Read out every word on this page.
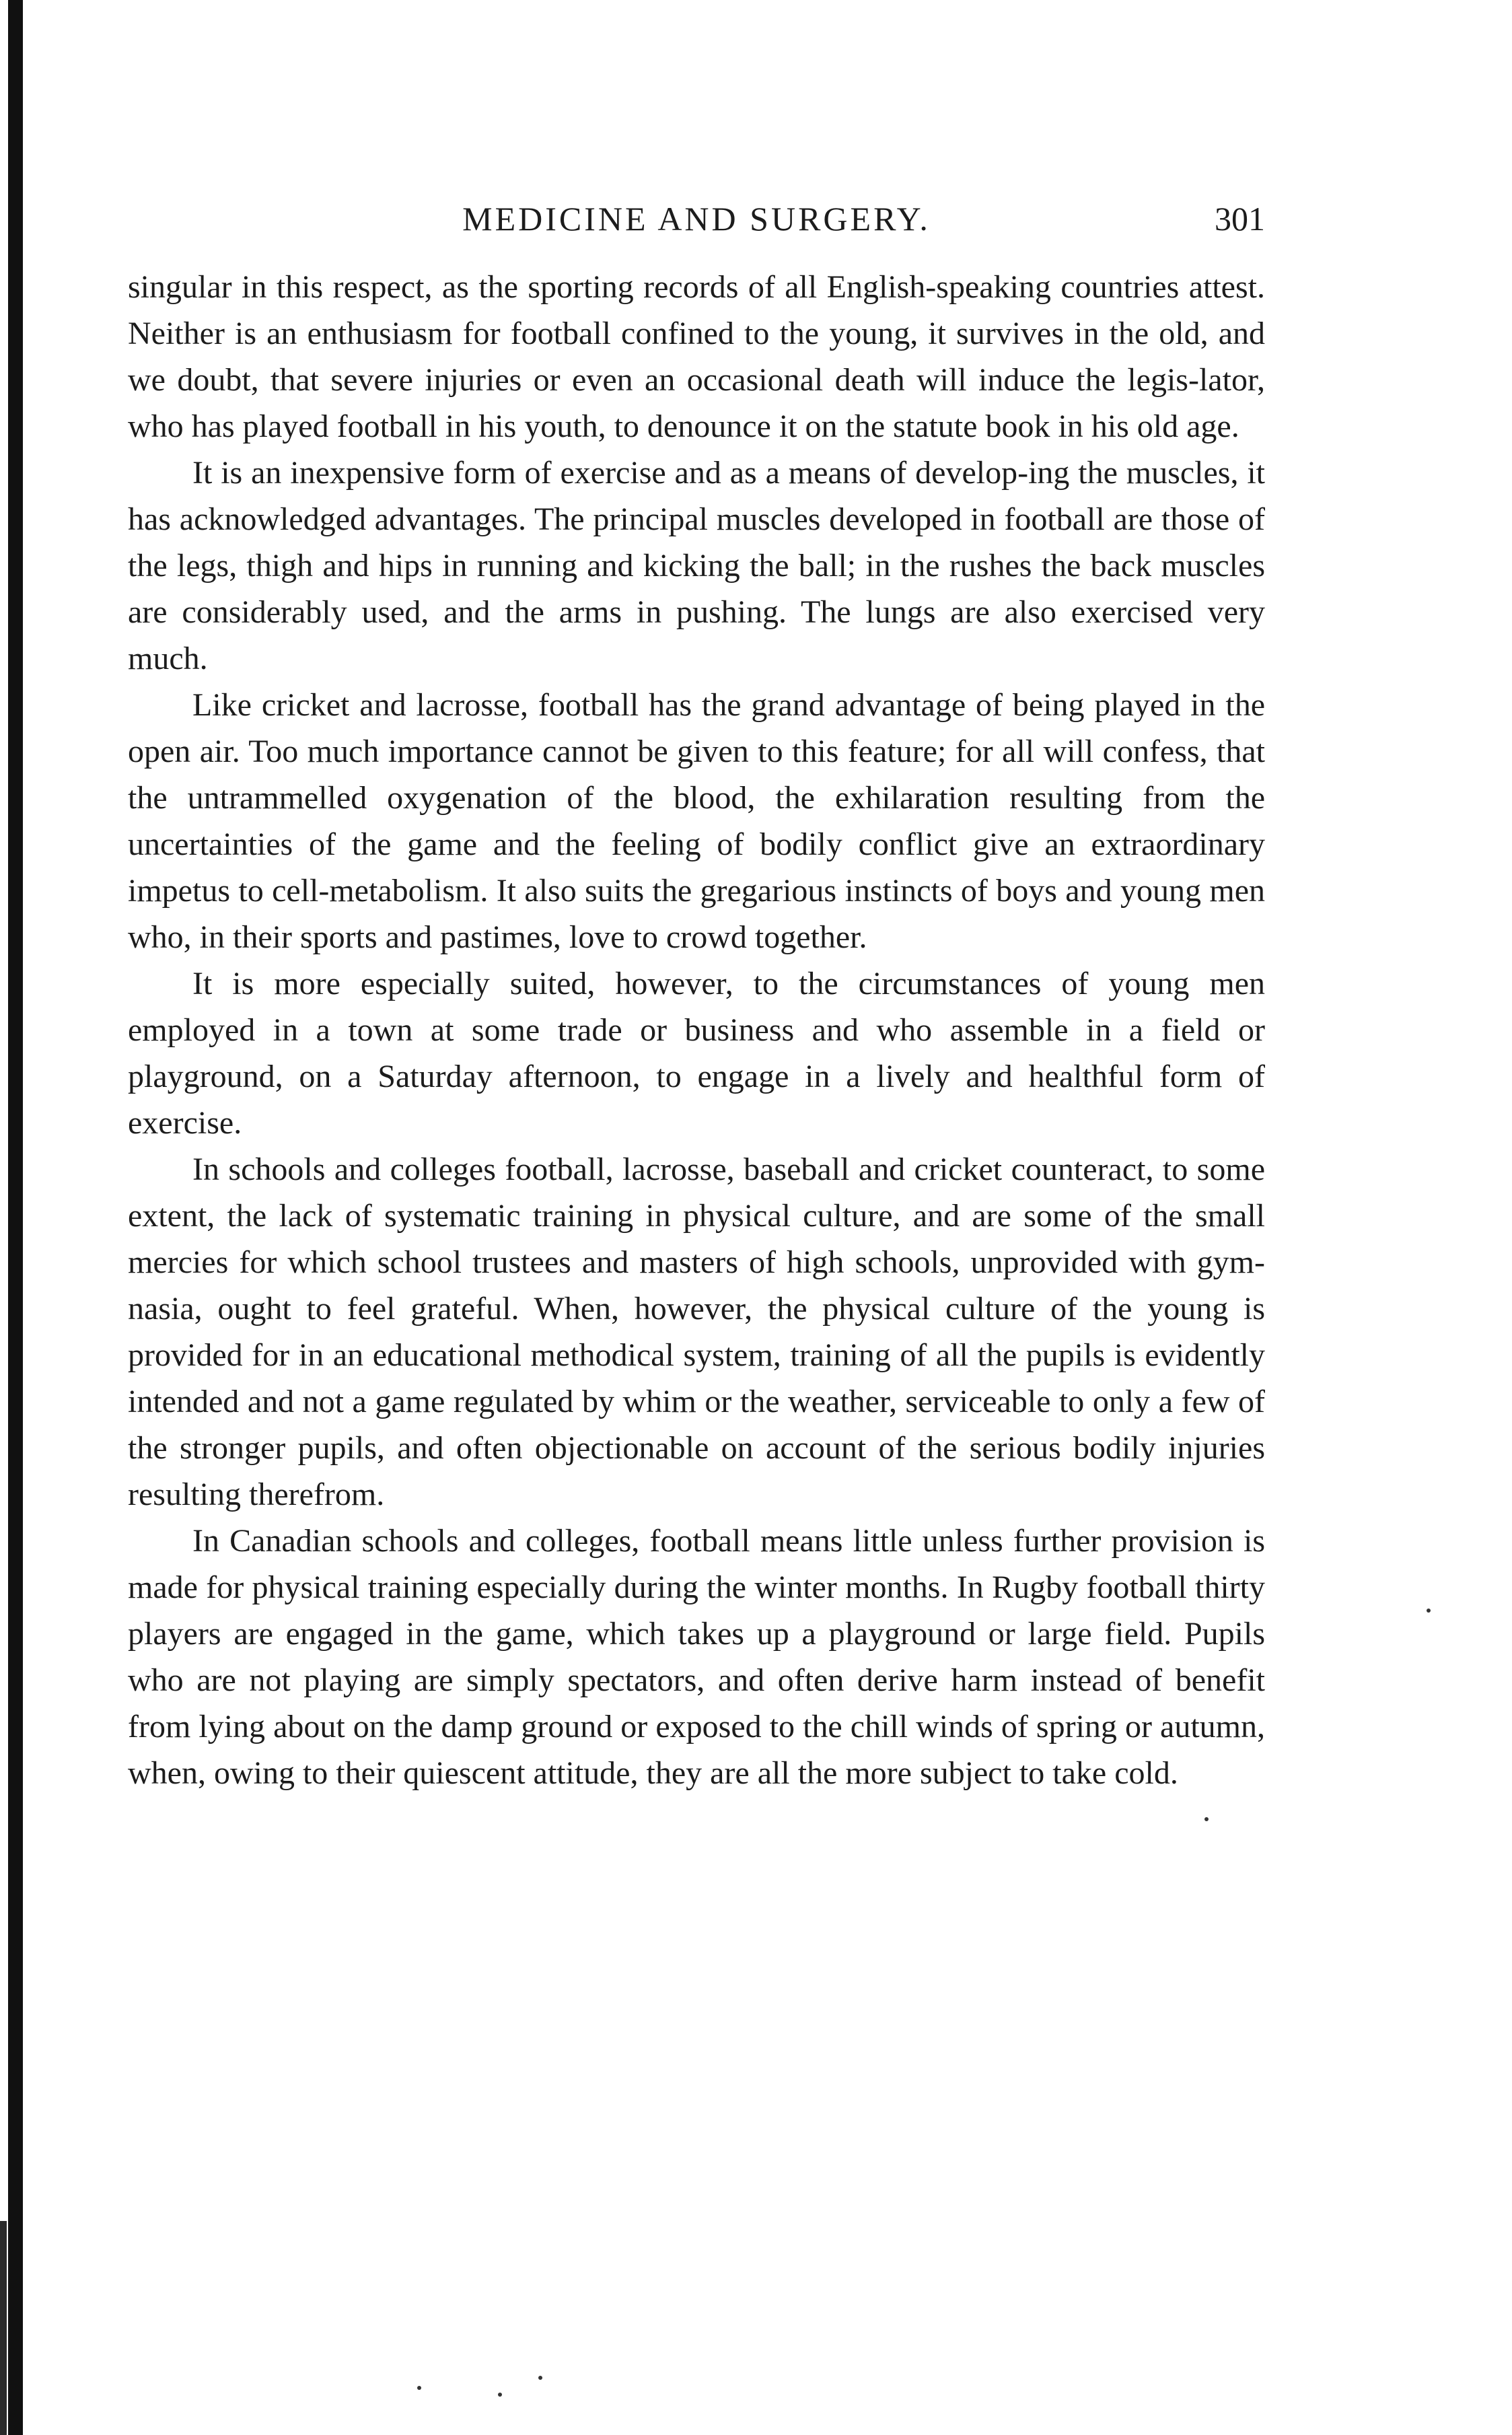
MEDICINE AND SURGERY.	301

singular in this respect, as the sporting records of all English-speaking countries attest. Neither is an enthusiasm for football confined to the young, it survives in the old, and we doubt, that severe injuries or even an occasional death will induce the legis-lator, who has played football in his youth, to denounce it on the statute book in his old age.

It is an inexpensive form of exercise and as a means of develop-ing the muscles, it has acknowledged advantages. The principal muscles developed in football are those of the legs, thigh and hips in running and kicking the ball; in the rushes the back muscles are considerably used, and the arms in pushing. The lungs are also exercised very much.

Like cricket and lacrosse, football has the grand advantage of being played in the open air. Too much importance cannot be given to this feature; for all will confess, that the untrammelled oxygenation of the blood, the exhilaration resulting from the uncertainties of the game and the feeling of bodily conflict give an extraordinary impetus to cell-metabolism. It also suits the gregarious instincts of boys and young men who, in their sports and pastimes, love to crowd together.

It is more especially suited, however, to the circumstances of young men employed in a town at some trade or business and who assemble in a field or playground, on a Saturday afternoon, to engage in a lively and healthful form of exercise.

In schools and colleges football, lacrosse, baseball and cricket counteract, to some extent, the lack of systematic training in physical culture, and are some of the small mercies for which school trustees and masters of high schools, unprovided with gym-nasia, ought to feel grateful. When, however, the physical culture of the young is provided for in an educational methodical system, training of all the pupils is evidently intended and not a game regulated by whim or the weather, serviceable to only a few of the stronger pupils, and often objectionable on account of the serious bodily injuries resulting therefrom.

In Canadian schools and colleges, football means little unless further provision is made for physical training especially during the winter months. In Rugby football thirty players are engaged in the game, which takes up a playground or large field. Pupils who are not playing are simply spectators, and often derive harm instead of benefit from lying about on the damp ground or exposed to the chill winds of spring or autumn, when, owing to their quiescent attitude, they are all the more subject to take cold.
